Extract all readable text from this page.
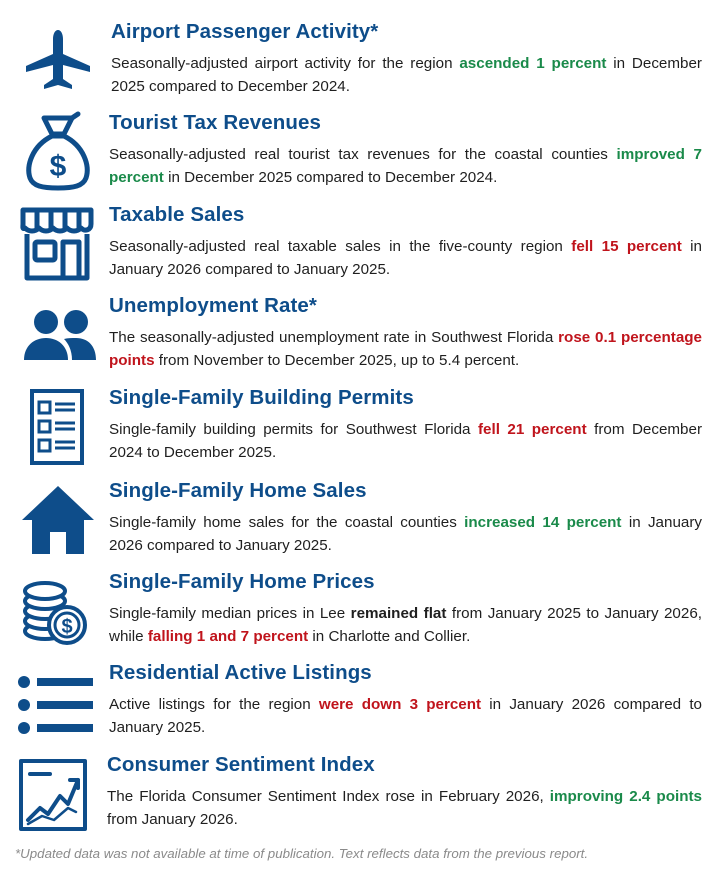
Airport Passenger Activity*
Seasonally-adjusted airport activity for the region ascended 1 percent in December 2025 compared to December 2024.
$
Tourist Tax Revenues
Seasonally-adjusted real tourist tax revenues for the coastal counties improved 7 percent in December 2025 compared to December 2024.
Taxable Sales
Seasonally-adjusted real taxable sales in the five-county region fell 15 percent in January 2026 compared to January 2025.
Unemployment Rate*
The seasonally-adjusted unemployment rate in Southwest Florida rose 0.1 percentage points from November to December 2025, up to 5.4 percent.
Single-Family Building Permits
Single-family building permits for Southwest Florida fell 21 percent from December 2024 to December 2025.
Single-Family Home Sales
Single-family home sales for the coastal counties increased 14 percent in January 2026 compared to January 2025.
$
Single-Family Home Prices
Single-family median prices in Lee remained flat from January 2025 to January 2026, while falling 1 and 7 percent in Charlotte and Collier.
Residential Active Listings
Active listings for the region were down 3 percent in January 2026 compared to January 2025.
Consumer Sentiment Index
The Florida Consumer Sentiment Index rose in February 2026, improving 2.4 points from January 2026.
*Updated data was not available at time of publication. Text reflects data from the previous report.
